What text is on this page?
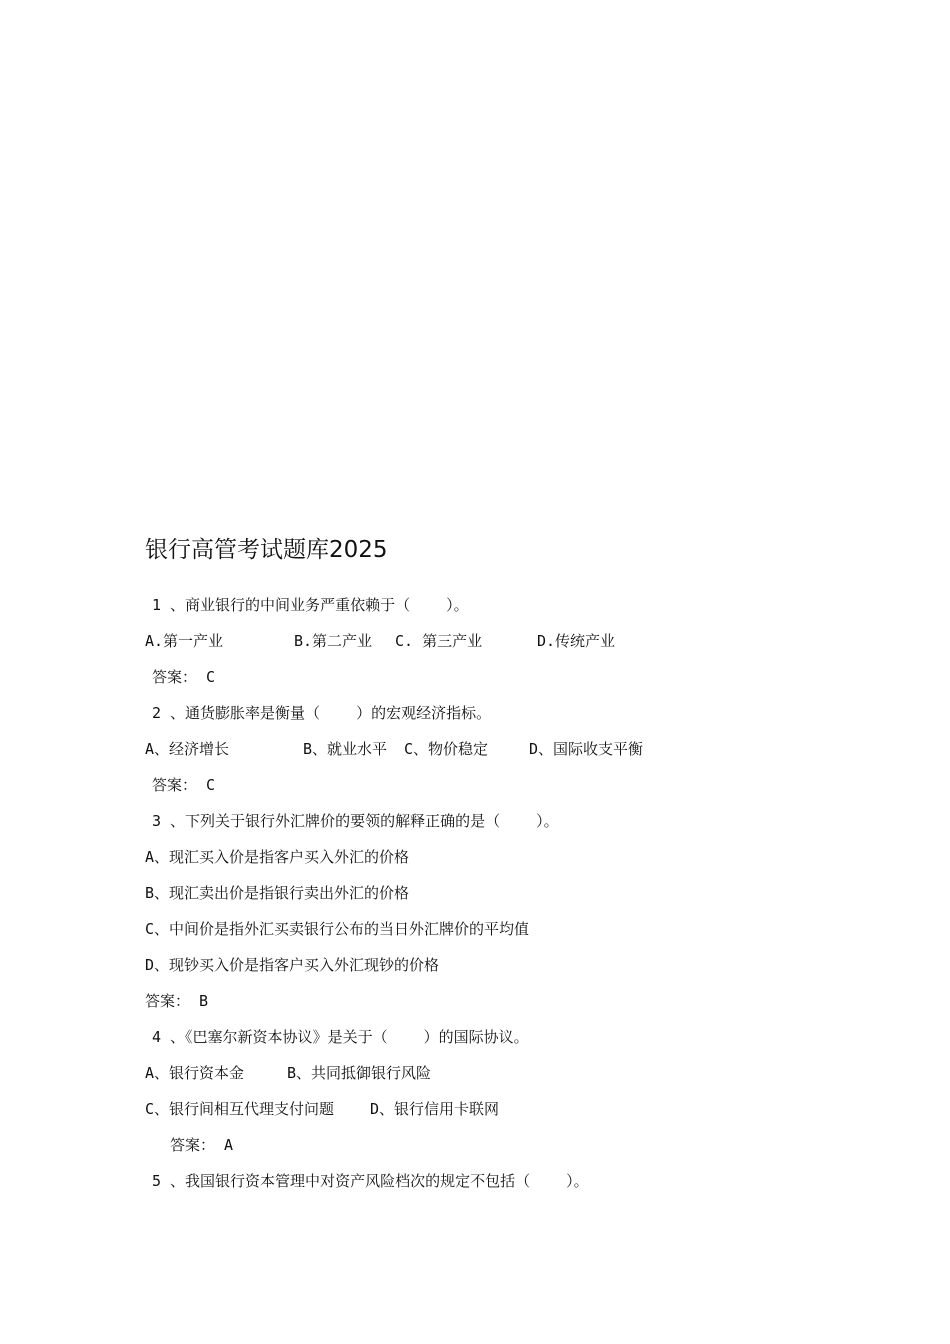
银行高管考试题库2025
1 、商业银行的中间业务严重依赖于（    ）。
A.第一产业	B.第二产业 C. 第三产业	D.传统产业
答案： C
2 、通货膨胀率是衡量（    ）的宏观经济指标。
A、经济增长	B、就业水平 C、物价稳定	D、国际收支平衡
答案： C
3 、下列关于银行外汇牌价的要领的解释正确的是（    ）。
A、现汇买入价是指客户买入外汇的价格
B、现汇卖出价是指银行卖出外汇的价格
C、中间价是指外汇买卖银行公布的当日外汇牌价的平均值
D、现钞买入价是指客户买入外汇现钞的价格
答案： B
4 、《巴塞尔新资本协议》是关于（    ）的国际协议。
A、银行资本金	B、共同抵御银行风险
C、银行间相互代理支付问题 D、银行信用卡联网
答案： A
5 、我国银行资本管理中对资产风险档次的规定不包括（    ）。
